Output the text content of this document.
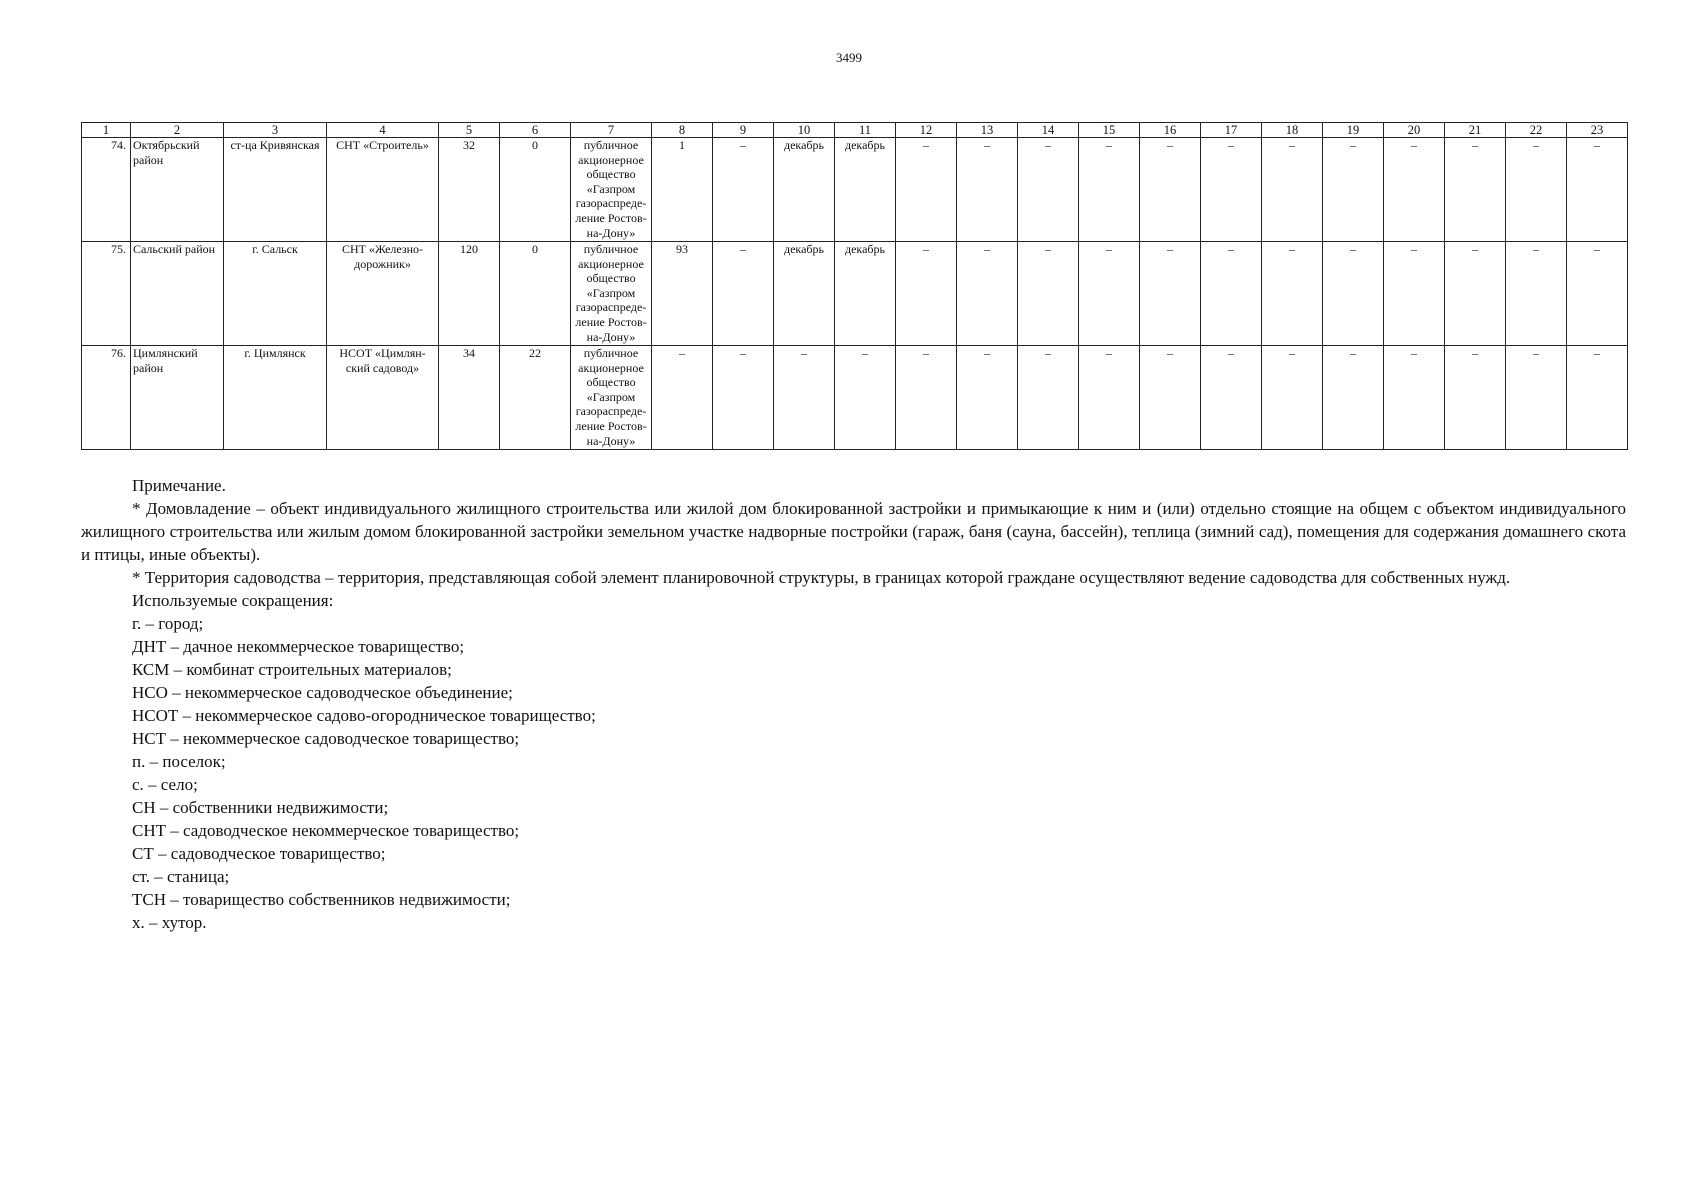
3499
1	2	3	4	5	6	7	8	9	10	11	12	13	14	15	16	17	18	19	20	21	22	23
74.	Октябрьский район	ст-ца Кривянская	СНТ «Строитель»	32	0	публичное акционерное общество «Газпром газораспреде-ление Ростов-на-Дону»	1	–	декабрь	декабрь	–	–	–	–	–	–	–	–	–	–	–	–
75.	Сальский район	г. Сальск	СНТ «Железно-дорожник»	120	0	публичное акционерное общество «Газпром газораспреде-ление Ростов-на-Дону»	93	–	декабрь	декабрь	–	–	–	–	–	–	–	–	–	–	–	–
76.	Цимлянский район	г. Цимлянск	НСОТ «Цимлян-ский садовод»	34	22	публичное акционерное общество «Газпром газораспреде-ление Ростов-на-Дону»	–	–	–	–	–	–	–	–	–	–	–	–	–	–	–	–

Примечание.

* Домовладение – объект индивидуального жилищного строительства или жилой дом блокированной застройки и примыкающие к ним и (или) отдельно стоящие на общем с объектом индивидуального жилищного строительства или жилым домом блокированной застройки земельном участке надворные постройки (гараж, баня (сауна, бассейн), теплица (зимний сад), помещения для содержания домашнего скота и птицы, иные объекты).

* Территория садоводства – территория, представляющая собой элемент планировочной структуры, в границах которой граждане осуществляют ведение садоводства для собственных нужд.

Используемые сокращения:

г. – город;

ДНТ – дачное некоммерческое товарищество;

КСМ – комбинат строительных материалов;

НСО – некоммерческое садоводческое объединение;

НСОТ – некоммерческое садово-огородническое товарищество;

НСТ – некоммерческое садоводческое товарищество;

п. – поселок;

с. – село;

СН – собственники недвижимости;

СНТ – садоводческое некоммерческое товарищество;

СТ – садоводческое товарищество;

ст. – станица;

ТСН – товарищество собственников недвижимости;

х. – хутор.
